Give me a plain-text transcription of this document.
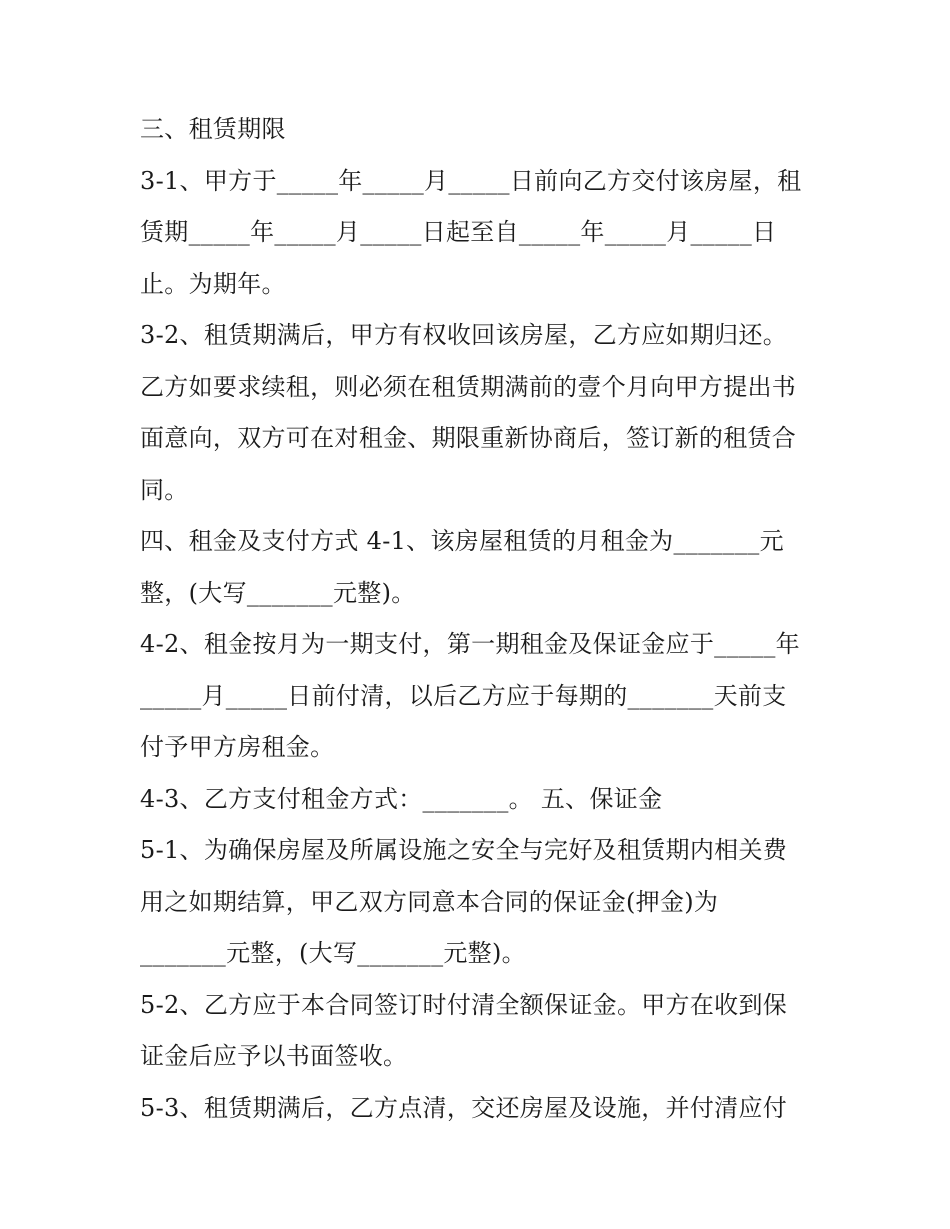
三、租赁期限
3-1、甲方于_____年_____月_____日前向乙方交付该房屋，租
赁期_____年_____月_____日起至自_____年_____月_____日
止。为期年。
3-2、租赁期满后，甲方有权收回该房屋，乙方应如期归还。
乙方如要求续租，则必须在租赁期满前的壹个月向甲方提出书
面意向，双方可在对租金、期限重新协商后，签订新的租赁合
同。
四、租金及支付方式 4-1、该房屋租赁的月租金为_______元
整，(大写_______元整)。
4-2、租金按月为一期支付，第一期租金及保证金应于_____年
_____月_____日前付清，以后乙方应于每期的_______天前支
付予甲方房租金。
4-3、乙方支付租金方式：_______。 五、保证金
5-1、为确保房屋及所属设施之安全与完好及租赁期内相关费
用之如期结算，甲乙双方同意本合同的保证金(押金)为
_______元整，(大写_______元整)。
5-2、乙方应于本合同签订时付清全额保证金。甲方在收到保
证金后应予以书面签收。
5-3、租赁期满后，乙方点清，交还房屋及设施，并付清应付
